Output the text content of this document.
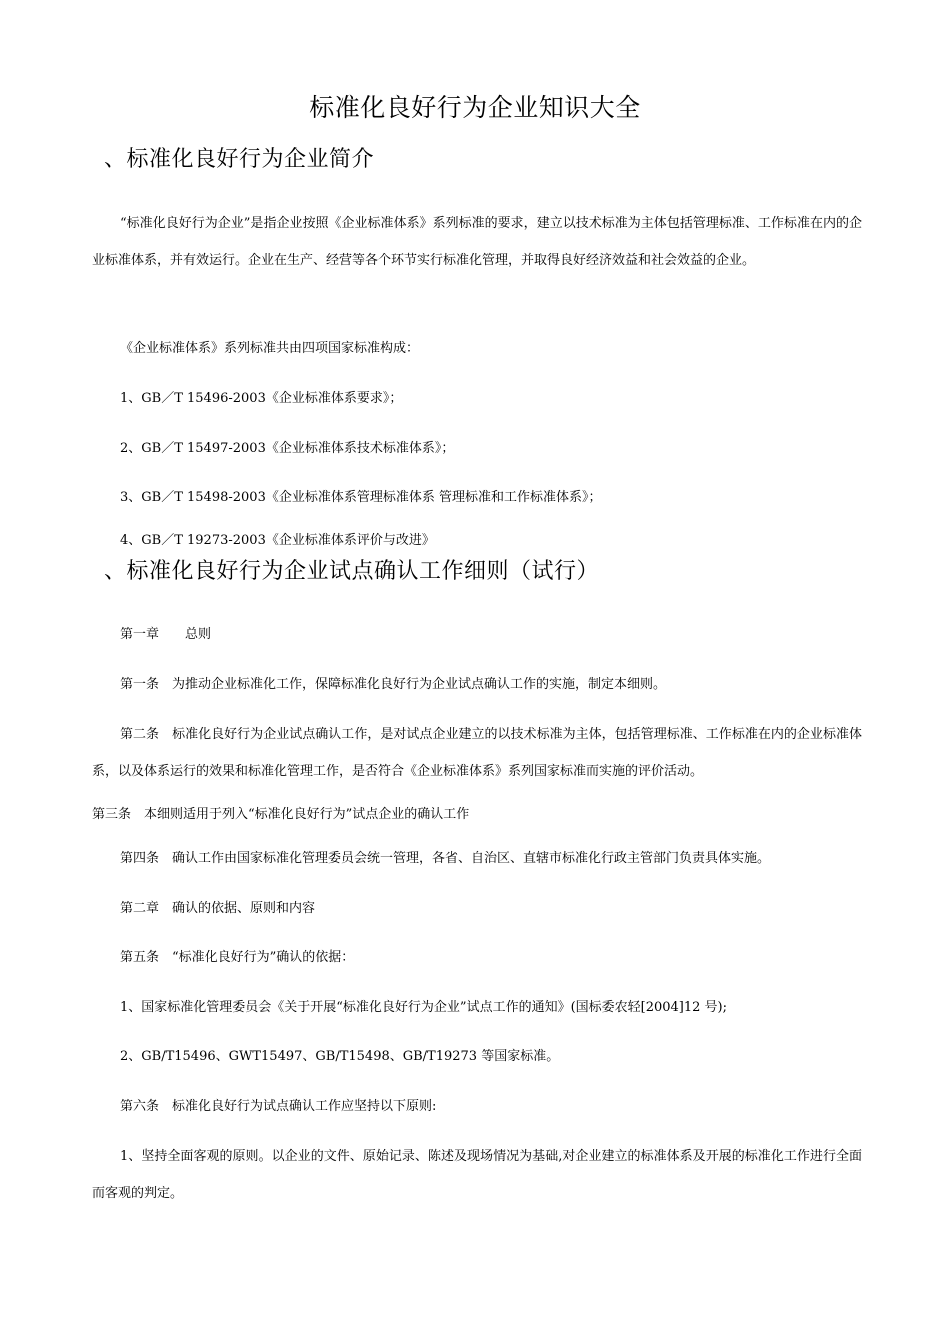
标准化良好行为企业知识大全
、标准化良好行为企业简介
“标准化良好行为企业”是指企业按照《企业标准体系》系列标准的要求，建立以技术标准为主体包括管理标准、工作标准在内的企业标准体系，并有效运行。企业在生产、经营等各个环节实行标准化管理，并取得良好经济效益和社会效益的企业。
《企业标准体系》系列标准共由四项国家标准构成：
1、GB／T 15496-2003《企业标准体系要求》；
2、GB／T 15497-2003《企业标准体系技术标准体系》；
3、GB／T 15498-2003《企业标准体系管理标准体系 管理标准和工作标准体系》；
4、GB／T 19273-2003《企业标准体系评价与改进》
、标准化良好行为企业试点确认工作细则（试行）
第一章　　总则
第一条　为推动企业标准化工作，保障标准化良好行为企业试点确认工作的实施，制定本细则。
第二条　标准化良好行为企业试点确认工作，是对试点企业建立的以技术标准为主体，包括管理标准、工作标准在内的企业标准体系，以及体系运行的效果和标准化管理工作，是否符合《企业标准体系》系列国家标准而实施的评价活动。
第三条　本细则适用于列入“标准化良好行为”试点企业的确认工作
第四条　确认工作由国家标准化管理委员会统一管理，各省、自治区、直辖市标准化行政主管部门负责具体实施。
第二章　确认的依据、原则和内容
第五条　“标准化良好行为”确认的依据：
1、国家标准化管理委员会《关于开展“标准化良好行为企业”试点工作的通知》(国标委农轻[2004]12 号);
2、GB/T15496、GWT15497、GB/T15498、GB/T19273 等国家标准。
第六条　标准化良好行为试点确认工作应坚持以下原则:
1、坚持全面客观的原则。以企业的文件、原始记录、陈述及现场情况为基础,对企业建立的标准体系及开展的标准化工作进行全面而客观的判定。
